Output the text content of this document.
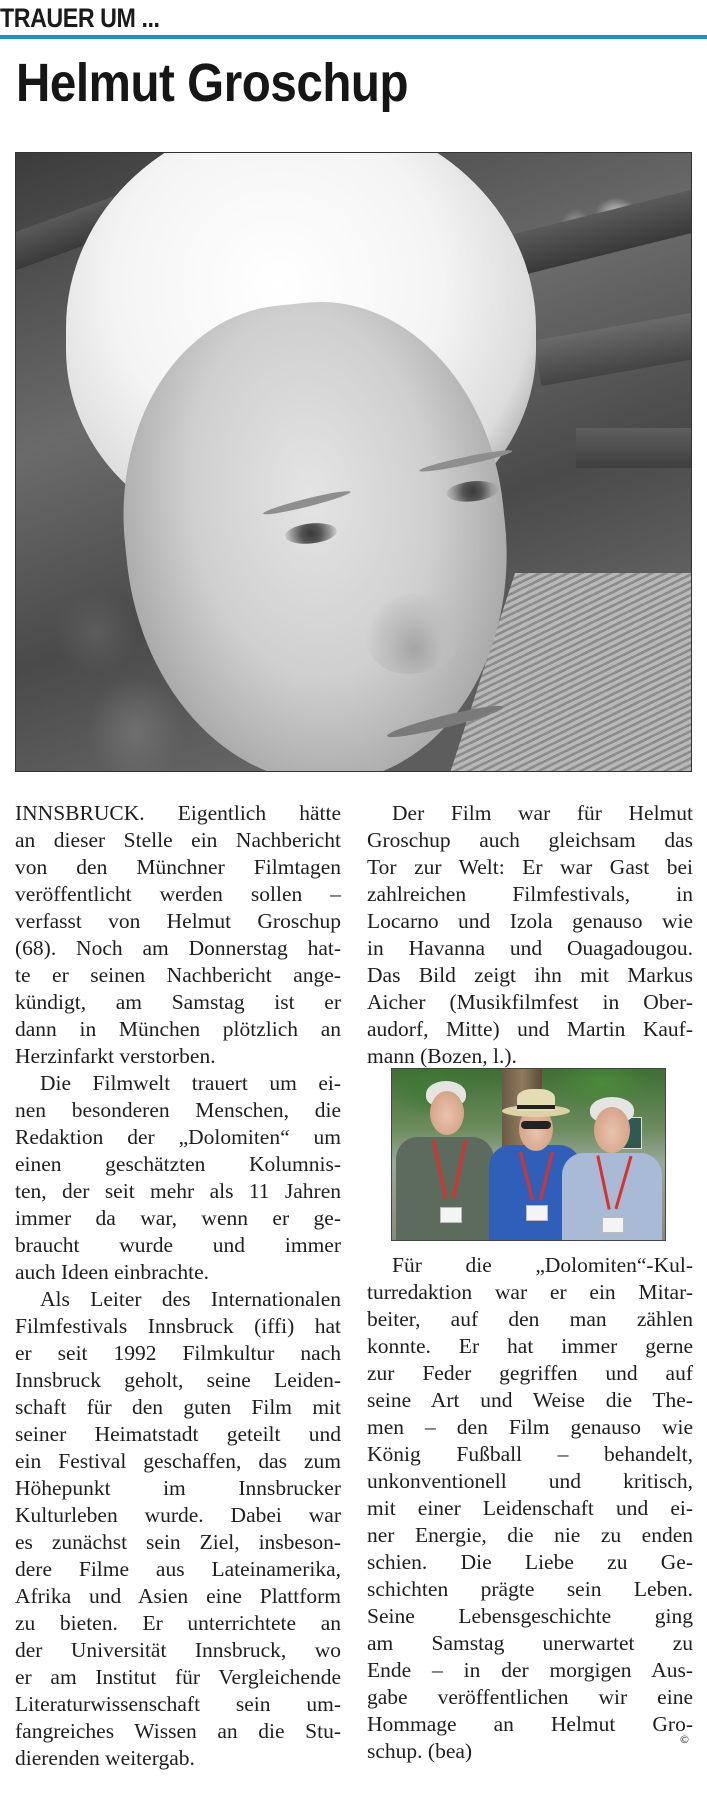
TRAUER UM ...
Helmut Groschup

INNSBRUCK. Eigentlich hätte
an dieser Stelle ein Nachbericht
von den Münchner Filmtagen
veröffentlicht werden sollen –
verfasst von Helmut Groschup
(68). Noch am Donnerstag hat-
te er seinen Nachbericht ange-
kündigt, am Samstag ist er
dann in München plötzlich an
Herzinfarkt verstorben.

Die Filmwelt trauert um ei-
nen besonderen Menschen, die
Redaktion der „Dolomiten“ um
einen geschätzten Kolumnis-
ten, der seit mehr als 11 Jahren
immer da war, wenn er ge-
braucht wurde und immer
auch Ideen einbrachte.

Als Leiter des Internationalen
Filmfestivals Innsbruck (iffi) hat
er seit 1992 Filmkultur nach
Innsbruck geholt, seine Leiden-
schaft für den guten Film mit
seiner Heimatstadt geteilt und
ein Festival geschaffen, das zum
Höhepunkt im Innsbrucker
Kulturleben wurde. Dabei war
es zunächst sein Ziel, insbeson-
dere Filme aus Lateinamerika,
Afrika und Asien eine Plattform
zu bieten. Er unterrichtete an
der Universität Innsbruck, wo
er am Institut für Vergleichende
Literaturwissenschaft sein um-
fangreiches Wissen an die Stu-
dierenden weitergab.

Der Film war für Helmut
Groschup auch gleichsam das
Tor zur Welt: Er war Gast bei
zahlreichen Filmfestivals, in
Locarno und Izola genauso wie
in Havanna und Ouagadougou.
Das Bild zeigt ihn mit Markus
Aicher (Musikfilmfest in Ober-
audorf, Mitte) und Martin Kauf-
mann (Bozen, l.).

Für die „Dolomiten“-Kul-
turredaktion war er ein Mitar-
beiter, auf den man zählen
konnte. Er hat immer gerne
zur Feder gegriffen und auf
seine Art und Weise die The-
men – den Film genauso wie
König Fußball – behandelt,
unkonventionell und kritisch,
mit einer Leidenschaft und ei-
ner Energie, die nie zu enden
schien. Die Liebe zu Ge-
schichten prägte sein Leben.
Seine Lebensgeschichte ging
am Samstag unerwartet zu
Ende – in der morgigen Aus-
gabe veröffentlichen wir eine
Hommage an Helmut Gro-
schup. (bea)	©
